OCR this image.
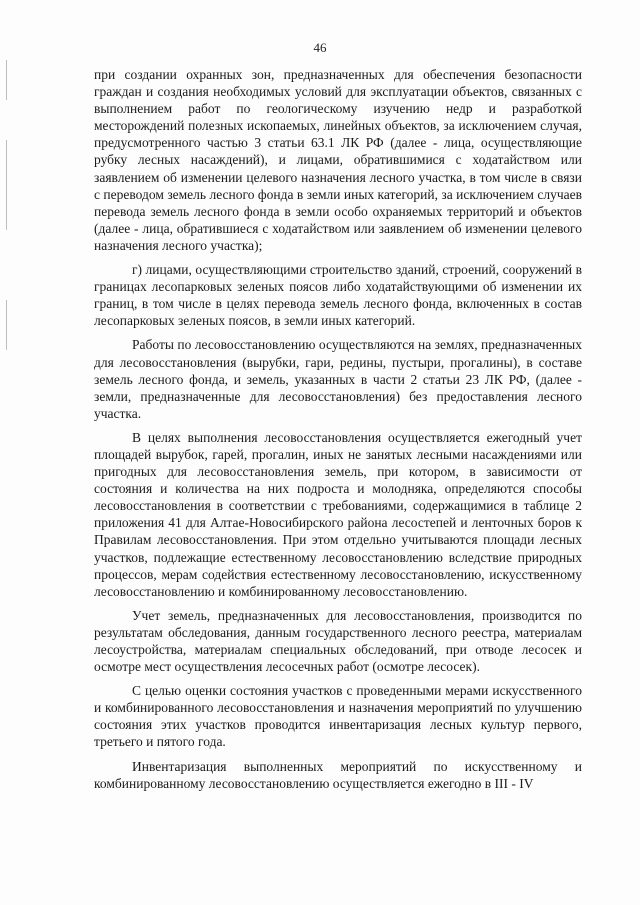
46

при создании охранных зон, предназначенных для обеспечения безопасности граждан и создания необходимых условий для эксплуатации объектов, связанных с выполнением работ по геологическому изучению недр и разработкой месторождений полезных ископаемых, линейных объектов, за исключением случая, предусмотренного частью 3 статьи 63.1 ЛК РФ (далее - лица, осуществляющие рубку лесных насаждений), и лицами, обратившимися с ходатайством или заявлением об изменении целевого назначения лесного участка, в том числе в связи с переводом земель лесного фонда в земли иных категорий, за исключением случаев перевода земель лесного фонда в земли особо охраняемых территорий и объектов (далее - лица, обратившиеся с ходатайством или заявлением об изменении целевого назначения лесного участка);

г) лицами, осуществляющими строительство зданий, строений, сооружений в границах лесопарковых зеленых поясов либо ходатайствующими об изменении их границ, в том числе в целях перевода земель лесного фонда, включенных в состав лесопарковых зеленых поясов, в земли иных категорий.

Работы по лесовосстановлению осуществляются на землях, предназначенных для лесовосстановления (вырубки, гари, редины, пустыри, прогалины), в составе земель лесного фонда, и земель, указанных в части 2 статьи 23 ЛК РФ, (далее - земли, предназначенные для лесовосстановления) без предоставления лесного участка.

В целях выполнения лесовосстановления осуществляется ежегодный учет площадей вырубок, гарей, прогалин, иных не занятых лесными насаждениями или пригодных для лесовосстановления земель, при котором, в зависимости от состояния и количества на них подроста и молодняка, определяются способы лесовосстановления в соответствии с требованиями, содержащимися в таблице 2 приложения 41 для Алтае-Новосибирского района лесостепей и ленточных боров к Правилам лесовосстановления. При этом отдельно учитываются площади лесных участков, подлежащие естественному лесовосстановлению вследствие природных процессов, мерам содействия естественному лесовосстановлению, искусственному лесовосстановлению и комбинированному лесовосстановлению.

Учет земель, предназначенных для лесовосстановления, производится по результатам обследования, данным государственного лесного реестра, материалам лесоустройства, материалам специальных обследований, при отводе лесосек и осмотре мест осуществления лесосечных работ (осмотре лесосек).

С целью оценки состояния участков с проведенными мерами искусственного и комбинированного лесовосстановления и назначения мероприятий по улучшению состояния этих участков проводится инвентаризация лесных культур первого, третьего и пятого года.

Инвентаризация выполненных мероприятий по искусственному и комбинированному лесовосстановлению осуществляется ежегодно в III - IV
